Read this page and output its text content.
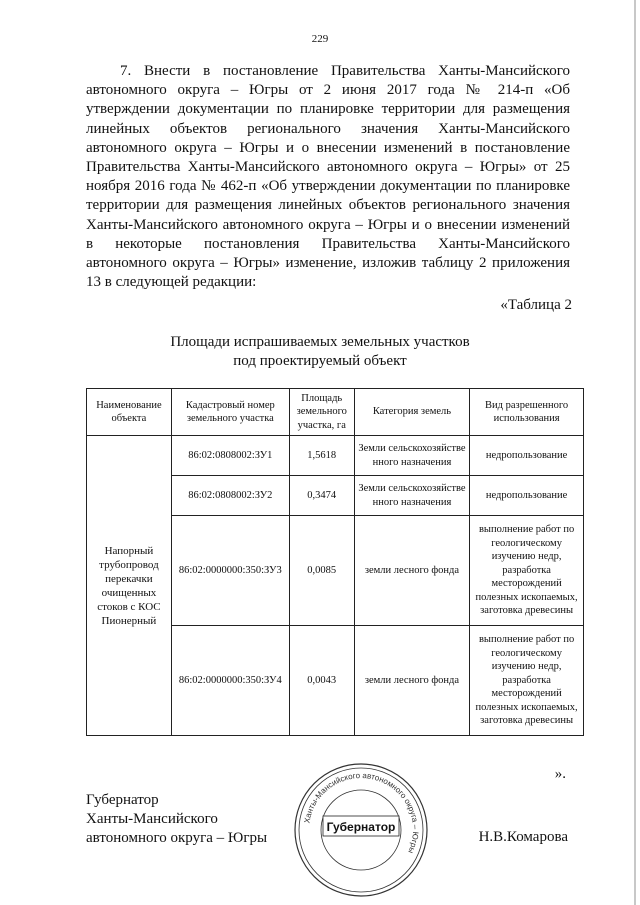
229

7. Внести в постановление Правительства Ханты-Мансийского автономного округа – Югры от 2 июня 2017 года № 214-п «Об утверждении документации по планировке территории для размещения линейных объектов регионального значения Ханты-Мансийского автономного округа – Югры и о внесении изменений в постановление Правительства Ханты-Мансийского автономного округа – Югры» от 25 ноября 2016 года № 462-п «Об утверждении документации по планировке территории для размещения линейных объектов регионального значения Ханты-Мансийского автономного округа – Югры и о внесении изменений в некоторые постановления Правительства Ханты-Мансийского автономного округа – Югры» изменение, изложив таблицу 2 приложения 13 в следующей редакции:

«Таблица 2
Площади испрашиваемых земельных участков
под проектируемый объект
Наименование объекта	Кадастровый номер земельного участка	Площадь земельного участка, га	Категория земель	Вид разрешенного использования
Напорный трубопровод перекачки очищенных стоков с КОС Пионерный	86:02:0808002:ЗУ1	1,5618	Земли сельскохозяйственного назначения	недропользование
	86:02:0808002:ЗУ2	0,3474	Земли сельскохозяйственного назначения	недропользование
	86:02:0000000:350:ЗУ3	0,0085	земли лесного фонда	выполнение работ по геологическому изучению недр, разработка месторождений полезных ископаемых, заготовка древесины
	86:02:0000000:350:ЗУ4	0,0043	земли лесного фонда	выполнение работ по геологическому изучению недр, разработка месторождений полезных ископаемых, заготовка древесины
».

Губернатор
Ханты-Мансийского
автономного округа – Югры	Н.В.Комарова
Ханты-Мансийского автономного округа – Югры
Губернатор
